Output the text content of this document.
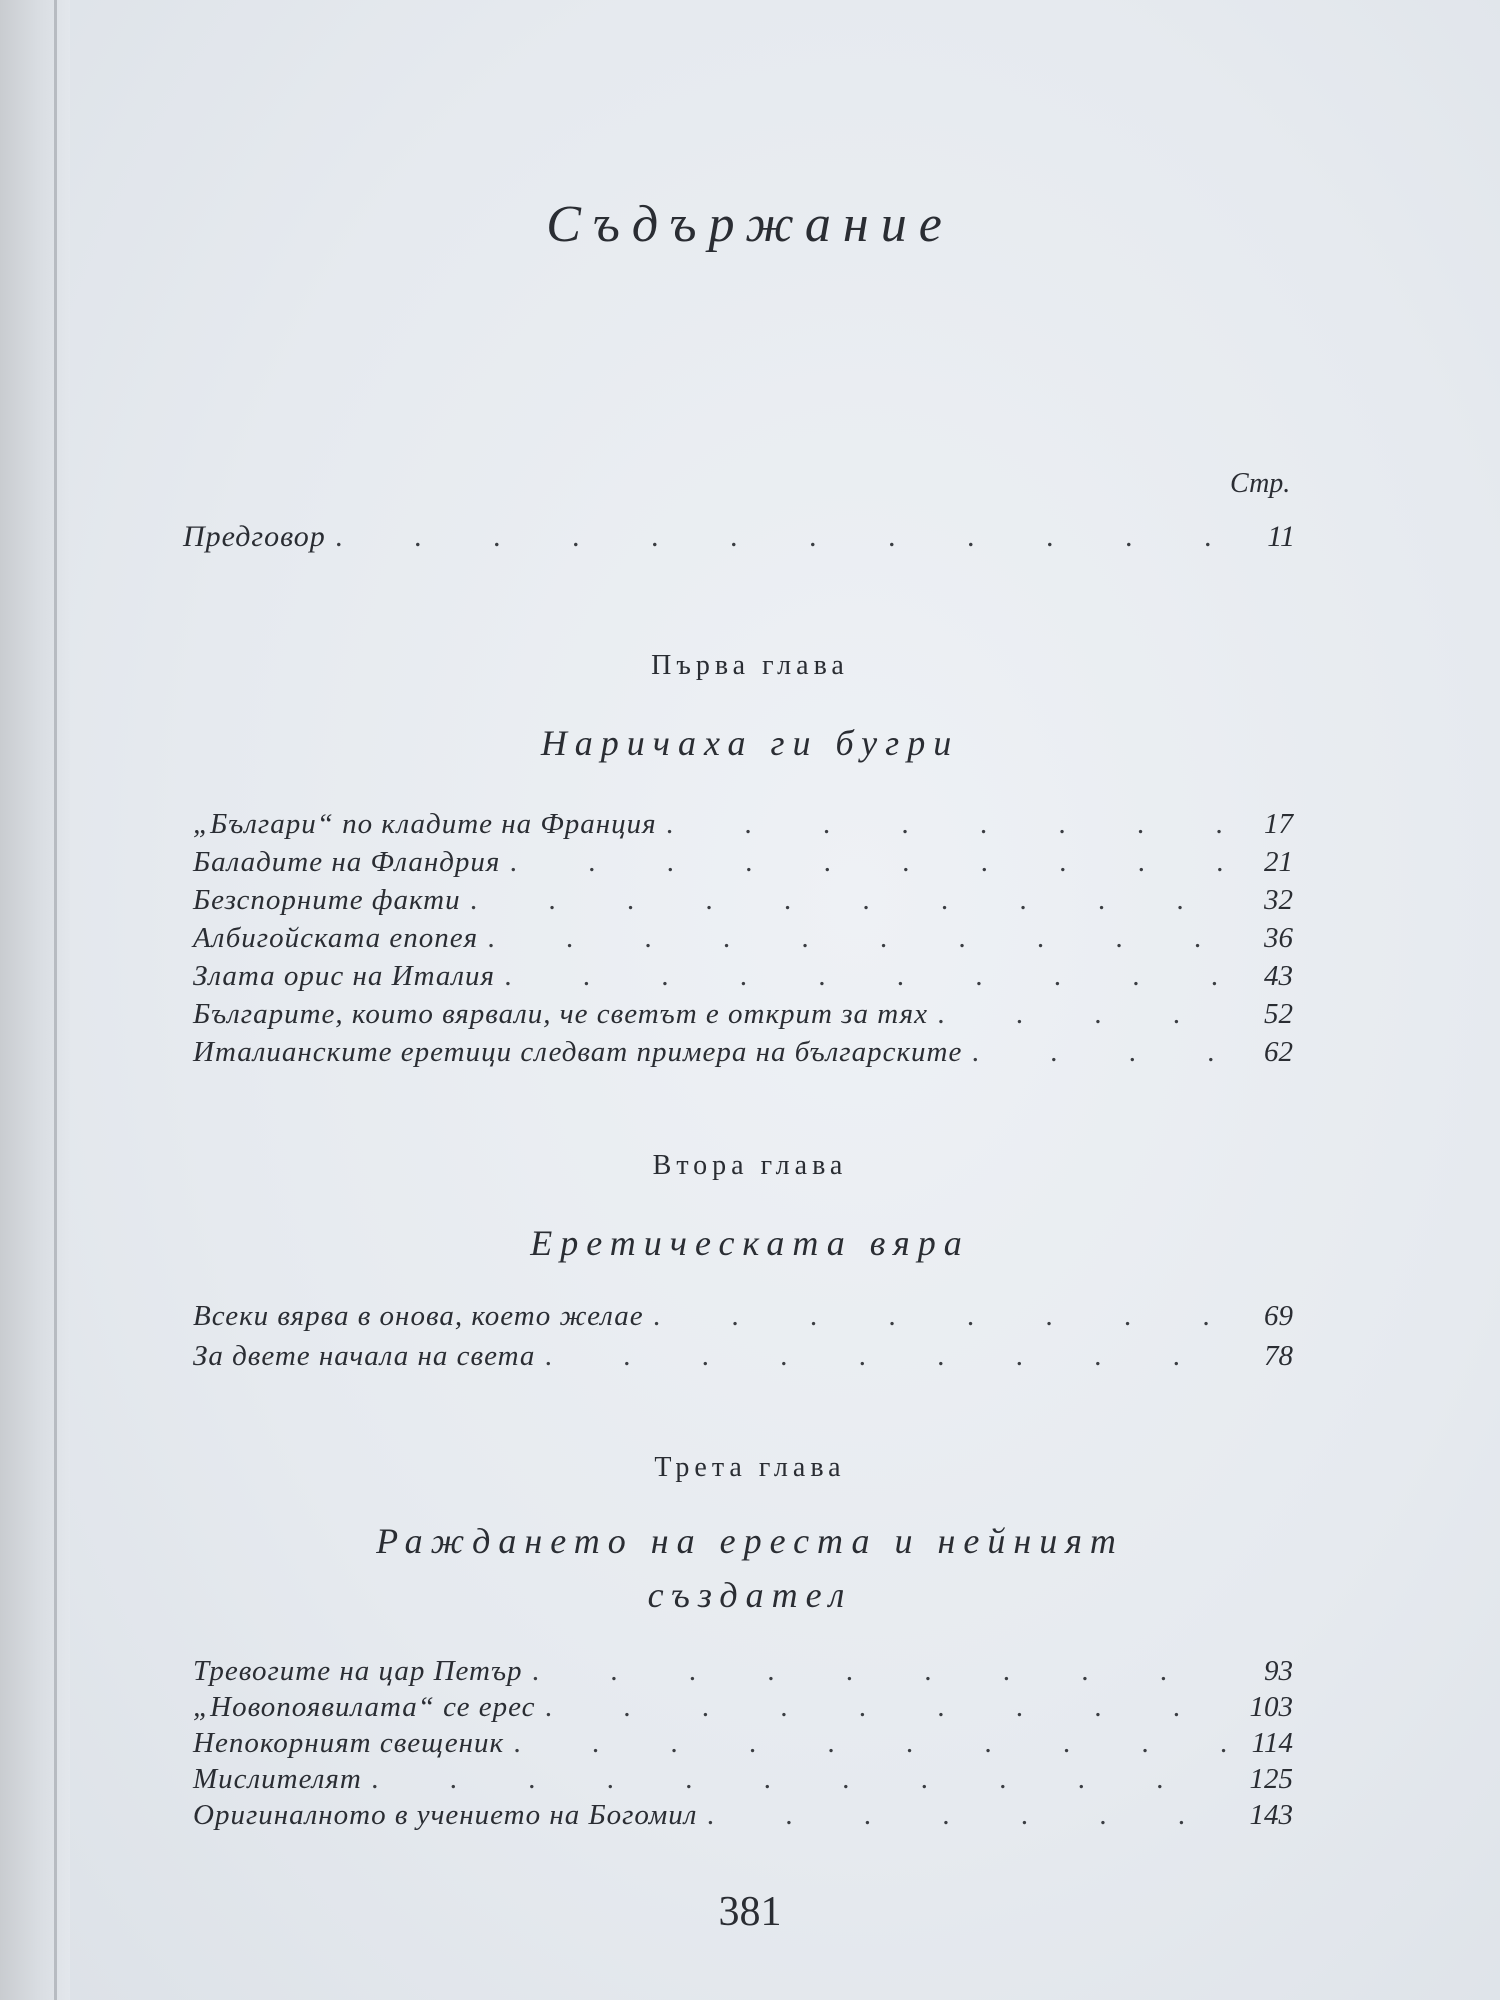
Съдържание
Стр.
Предговор . . .	11
Първа глава
Наричаха ги бугри
„Българи“ по кладите на Франция . . .	17
Баладите на Фландрия . . .	21
Безспорните факти . . .	32
Албигойската епопея . . .	36
Злата орис на Италия . . .	43
Българите, които вярвали, че светът е открит за тях . . .	52
Италианските еретици следват примера на българските . . .	62
Втора глава
Еретическата вяра
Всеки вярва в онова, което желае . . .	69
За двете начала на света . . .	78
Трета глава
Раждането на ереста и нейният
създател
Тревогите на цар Петър . . .	93
„Новопоявилата“ се ерес . . .	103
Непокорният свещеник . . .	114
Мислителят . . .	125
Оригиналното в учението на Богомил . . .	143
381
